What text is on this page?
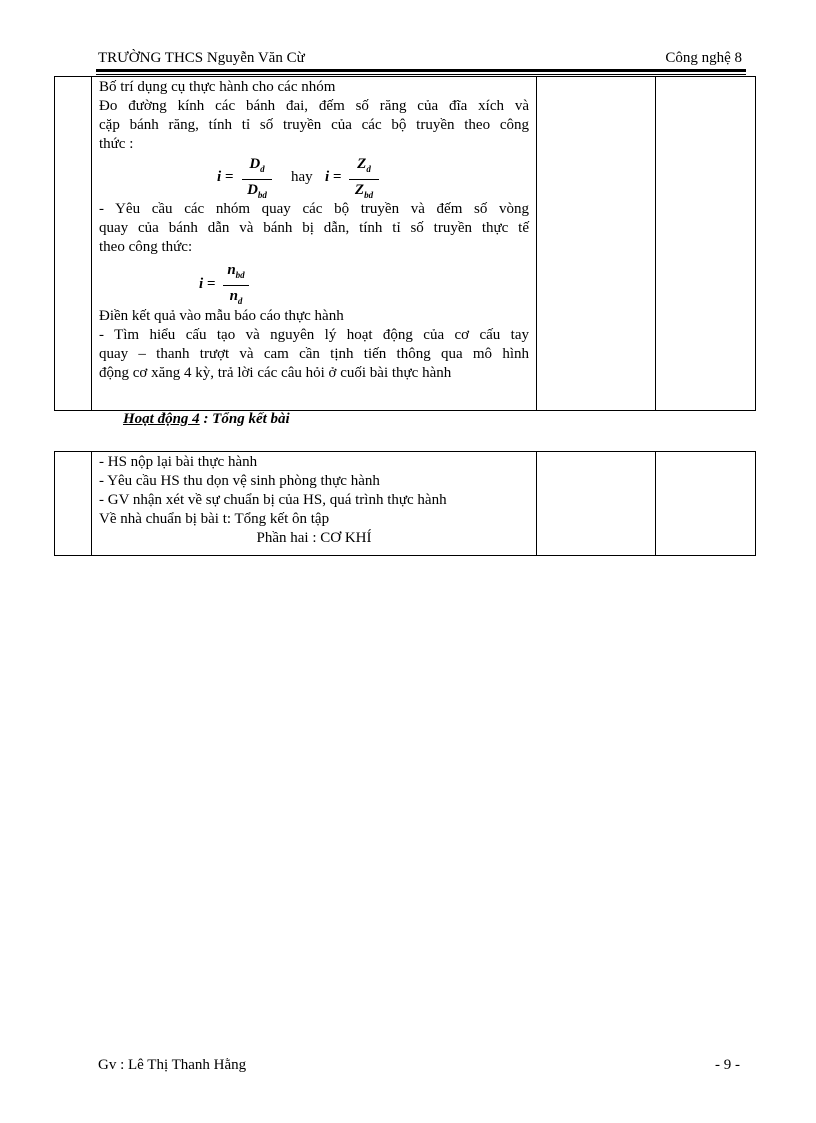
TRƯỜNG THCS Nguyễn Văn Cừ	Công nghệ 8

Bố trí dụng cụ thực hành cho các nhóm

Đo đường kính các bánh đai, đếm số răng của đĩa xích và

cặp bánh răng, tính tỉ số truyền của các bộ truyền theo công

thức :

i =
$D_d$
$D_{bd}$
hay i =
$Z_d$
$Z_{bd}$

- Yêu cầu các nhóm quay các bộ truyền và đếm số vòng

quay của bánh dẫn và bánh bị dẫn, tính tỉ số truyền thực tế

theo công thức:

i =
$n_{bd}$
$n_d$

Điền kết quả vào mẫu báo cáo thực hành

- Tìm hiểu cấu tạo và nguyên lý hoạt động của cơ cấu tay

quay – thanh trượt và cam cần tịnh tiến thông qua mô hình

động cơ xăng 4 kỳ, trả lời các câu hỏi ở cuối bài thực hành

Hoạt động 4 : Tổng kết bài

- HS nộp lại bài thực hành

- Yêu cầu HS thu dọn vệ sinh phòng thực hành

- GV nhận xét về sự chuẩn bị của HS, quá trình thực hành

Về nhà chuẩn bị bài t: Tổng kết ôn tập

Phần hai : CƠ KHÍ

Gv : Lê Thị Thanh Hằng	- 9 -
